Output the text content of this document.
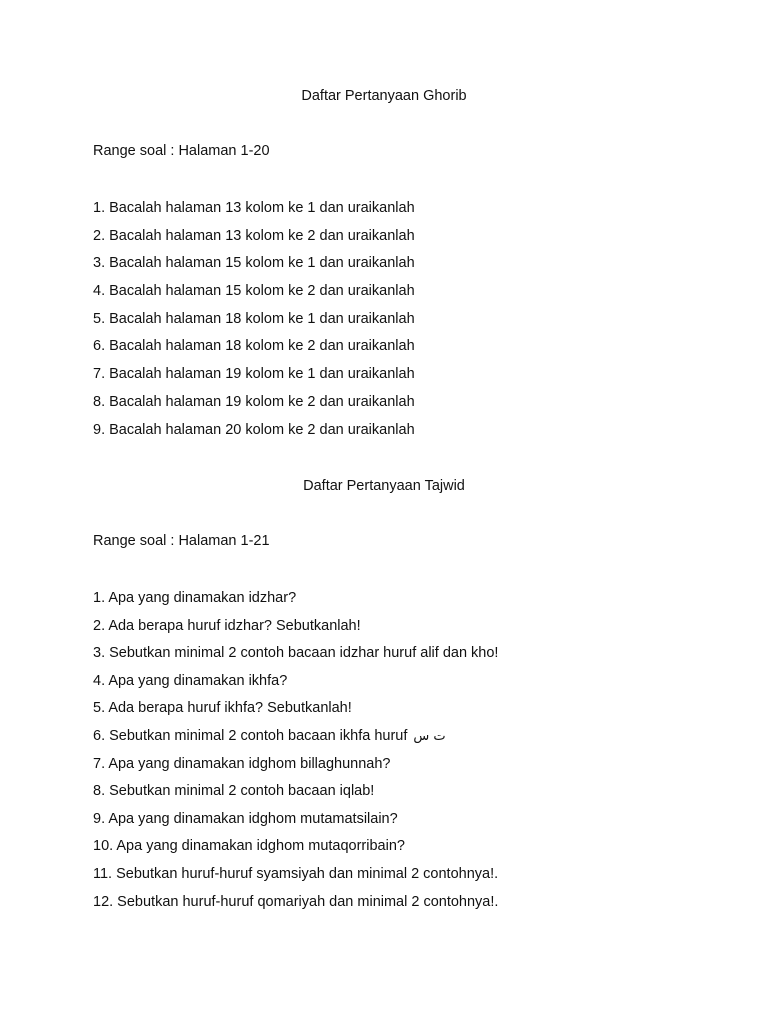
Daftar Pertanyaan Ghorib
Range soal : Halaman 1-20
1. Bacalah halaman 13 kolom ke 1 dan uraikanlah
2. Bacalah halaman 13 kolom ke 2 dan uraikanlah
3. Bacalah halaman 15 kolom ke 1 dan uraikanlah
4. Bacalah halaman 15 kolom ke 2 dan uraikanlah
5. Bacalah halaman 18 kolom ke 1 dan uraikanlah
6. Bacalah halaman 18 kolom ke 2 dan uraikanlah
7. Bacalah halaman 19 kolom ke 1 dan uraikanlah
8. Bacalah halaman 19 kolom ke 2 dan uraikanlah
9. Bacalah halaman 20 kolom ke 2 dan uraikanlah
Daftar Pertanyaan Tajwid
Range soal : Halaman 1-21
1. Apa yang dinamakan idzhar?
2. Ada berapa huruf idzhar? Sebutkanlah!
3. Sebutkan minimal 2 contoh bacaan idzhar huruf alif dan kho!
4. Apa yang dinamakan ikhfa?
5. Ada berapa huruf ikhfa? Sebutkanlah!
6. Sebutkan minimal 2 contoh bacaan ikhfa huruf ت س
7. Apa yang dinamakan idghom billaghunnah?
8. Sebutkan minimal 2 contoh bacaan iqlab!
9. Apa yang dinamakan idghom mutamatsilain?
10. Apa yang dinamakan idghom mutaqorribain?
11. Sebutkan huruf-huruf syamsiyah dan minimal 2 contohnya!.
12. Sebutkan huruf-huruf qomariyah dan minimal 2 contohnya!.
